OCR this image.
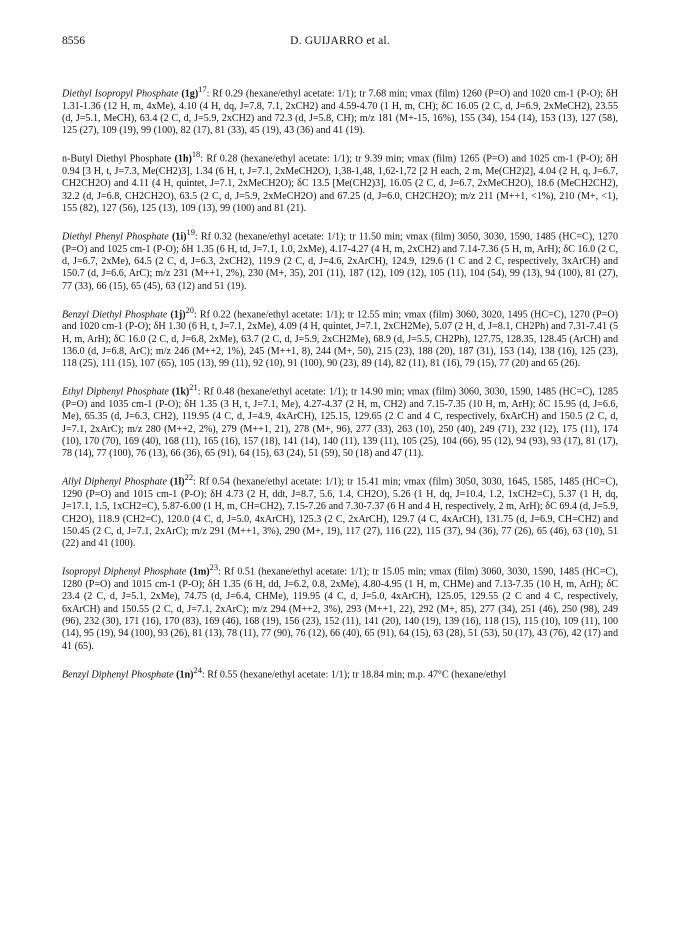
8556	D. GUIJARRO et al.

Diethyl Isopropyl Phosphate $(1g)^{17}$: Rf 0.29 (hexane/ethyl acetate: 1/1); tr 7.68 min; νmax (film) 1260 (P=O) and 1020 cm-1 (P-O); δH 1.31-1.36 (12 H, m, 4xMe), 4.10 (4 H, dq, J=7.8, 7.1, 2xCH2) and 4.59-4.70 (1 H, m, CH); δC 16.05 (2 C, d, J=6.9, 2xMeCH2), 23.55 (d, J=5.1, MeCH), 63.4 (2 C, d, J=5.9, 2xCH2) and 72.3 (d, J=5.8, CH); m/z 181 (M+-15, 16%), 155 (34), 154 (14), 153 (13), 127 (58), 125 (27), 109 (19), 99 (100), 82 (17), 81 (33), 45 (19), 43 (36) and 41 (19).

n-Butyl Diethyl Phosphate $(1h)^{18}$: Rf 0.28 (hexane/ethyl acetate: 1/1); tr 9.39 min; νmax (film) 1265 (P=O) and 1025 cm-1 (P-O); δH 0.94 [3 H, t, J=7.3, Me(CH2)3], 1.34 (6 H, t, J=7.1, 2xMeCH2O), 1,38-1,48, 1,62-1,72 [2 H each, 2 m, Me(CH2)2], 4.04 (2 H, q, J=6.7, CH2CH2O) and 4.11 (4 H, quintet, J=7.1, 2xMeCH2O); δC 13.5 [Me(CH2)3], 16.05 (2 C, d, J=6.7, 2xMeCH2O), 18.6 (MeCH2CH2), 32.2 (d, J=6.8, CH2CH2O), 63.5 (2 C, d, J=5.9, 2xMeCH2O) and 67.25 (d, J=6.0, CH2CH2O); m/z 211 (M++1, <1%), 210 (M+, <1), 155 (82), 127 (56), 125 (13), 109 (13), 99 (100) and 81 (21).

Diethyl Phenyl Phosphate $(1i)^{19}$: Rf 0.32 (hexane/ethyl acetate: 1/1); tr 11.50 min; νmax (film) 3050, 3030, 1590, 1485 (HC=C), 1270 (P=O) and 1025 cm-1 (P-O); δH 1.35 (6 H, td, J=7.1, 1.0, 2xMe), 4.17-4.27 (4 H, m, 2xCH2) and 7.14-7.36 (5 H, m, ArH); δC 16.0 (2 C, d, J=6.7, 2xMe), 64.5 (2 C, d, J=6.3, 2xCH2), 119.9 (2 C, d, J=4.6, 2xArCH), 124.9, 129.6 (1 C and 2 C, respectively, 3xArCH) and 150.7 (d, J=6.6, ArC); m/z 231 (M++1, 2%), 230 (M+, 35), 201 (11), 187 (12), 109 (12), 105 (11), 104 (54), 99 (13), 94 (100), 81 (27), 77 (33), 66 (15), 65 (45), 63 (12) and 51 (19).

Benzyl Diethyl Phosphate $(1j)^{20}$: Rf 0.22 (hexane/ethyl acetate: 1/1); tr 12.55 min; νmax (film) 3060, 3020, 1495 (HC=C), 1270 (P=O) and 1020 cm-1 (P-O); δH 1.30 (6 H, t, J=7.1, 2xMe), 4.09 (4 H, quintet, J=7.1, 2xCH2Me), 5.07 (2 H, d, J=8.1, CH2Ph) and 7.31-7.41 (5 H, m, ArH); δC 16.0 (2 C, d, J=6.8, 2xMe), 63.7 (2 C, d, J=5.9, 2xCH2Me), 68.9 (d, J=5.5, CH2Ph), 127.75, 128.35, 128.45 (ArCH) and 136.0 (d, J=6.8, ArC); m/z 246 (M++2, 1%), 245 (M++1, 8), 244 (M+, 50), 215 (23), 188 (20), 187 (31), 153 (14), 138 (16), 125 (23), 118 (25), 111 (15), 107 (65), 105 (13), 99 (11), 92 (10), 91 (100), 90 (23), 89 (14), 82 (11), 81 (16), 79 (15), 77 (20) and 65 (26).

Ethyl Diphenyl Phosphate $(1k)^{21}$: Rf 0.48 (hexane/ethyl acetate: 1/1); tr 14.90 min; νmax (film) 3060, 3030, 1590, 1485 (HC=C), 1285 (P=O) and 1035 cm-1 (P-O); δH 1.35 (3 H, t, J=7.1, Me), 4.27-4.37 (2 H, m, CH2) and 7.15-7.35 (10 H, m, ArH); δC 15.95 (d, J=6.6, Me), 65.35 (d, J=6.3, CH2), 119.95 (4 C, d, J=4.9, 4xArCH), 125.15, 129.65 (2 C and 4 C, respectively, 6xArCH) and 150.5 (2 C, d, J=7.1, 2xArC); m/z 280 (M++2, 2%), 279 (M++1, 21), 278 (M+, 96), 277 (33), 263 (10), 250 (40), 249 (71), 232 (12), 175 (11), 174 (10), 170 (70), 169 (40), 168 (11), 165 (16), 157 (18), 141 (14), 140 (11), 139 (11), 105 (25), 104 (66), 95 (12), 94 (93), 93 (17), 81 (17), 78 (14), 77 (100), 76 (13), 66 (36), 65 (91), 64 (15), 63 (24), 51 (59), 50 (18) and 47 (11).

Allyl Diphenyl Phosphate $(1l)^{22}$: Rf 0.54 (hexane/ethyl acetate: 1/1); tr 15.41 min; νmax (film) 3050, 3030, 1645, 1585, 1485 (HC=C), 1290 (P=O) and 1015 cm-1 (P-O); δH 4.73 (2 H, ddt, J=8.7, 5.6, 1.4, CH2O), 5.26 (1 H, dq, J=10.4, 1.2, 1xCH2=C), 5.37 (1 H, dq, J=17.1, 1.5, 1xCH2=C), 5.87-6.00 (1 H, m, CH=CH2), 7.15-7.26 and 7.30-7.37 (6 H and 4 H, respectively, 2 m, ArH); δC 69.4 (d, J=5.9, CH2O), 118.9 (CH2=C), 120.0 (4 C, d, J=5.0, 4xArCH), 125.3 (2 C, 2xArCH), 129.7 (4 C, 4xArCH), 131.75 (d, J=6.9, CH=CH2) and 150.45 (2 C, d, J=7.1, 2xArC); m/z 291 (M++1, 3%), 290 (M+, 19), 117 (27), 116 (22), 115 (37), 94 (36), 77 (26), 65 (46), 63 (10), 51 (22) and 41 (100).

Isopropyl Diphenyl Phosphate $(1m)^{23}$: Rf 0.51 (hexane/ethyl acetate: 1/1); tr 15.05 min; νmax (film) 3060, 3030, 1590, 1485 (HC=C), 1280 (P=O) and 1015 cm-1 (P-O); δH 1.35 (6 H, dd, J=6.2, 0.8, 2xMe), 4.80-4.95 (1 H, m, CHMe) and 7.13-7.35 (10 H, m, ArH); δC 23.4 (2 C, d, J=5.1, 2xMe), 74.75 (d, J=6.4, CHMe), 119.95 (4 C, d, J=5.0, 4xArCH), 125.05, 129.55 (2 C and 4 C, respectively, 6xArCH) and 150.55 (2 C, d, J=7.1, 2xArC); m/z 294 (M++2, 3%), 293 (M++1, 22), 292 (M+, 85), 277 (34), 251 (46), 250 (98), 249 (96), 232 (30), 171 (16), 170 (83), 169 (46), 168 (19), 156 (23), 152 (11), 141 (20), 140 (19), 139 (16), 118 (15), 115 (10), 109 (11), 100 (14), 95 (19), 94 (100), 93 (26), 81 (13), 78 (11), 77 (90), 76 (12), 66 (40), 65 (91), 64 (15), 63 (28), 51 (53), 50 (17), 43 (76), 42 (17) and 41 (65).

Benzyl Diphenyl Phosphate $(1n)^{24}$: Rf 0.55 (hexane/ethyl acetate: 1/1); tr 18.84 min; m.p. 47°C (hexane/ethyl
